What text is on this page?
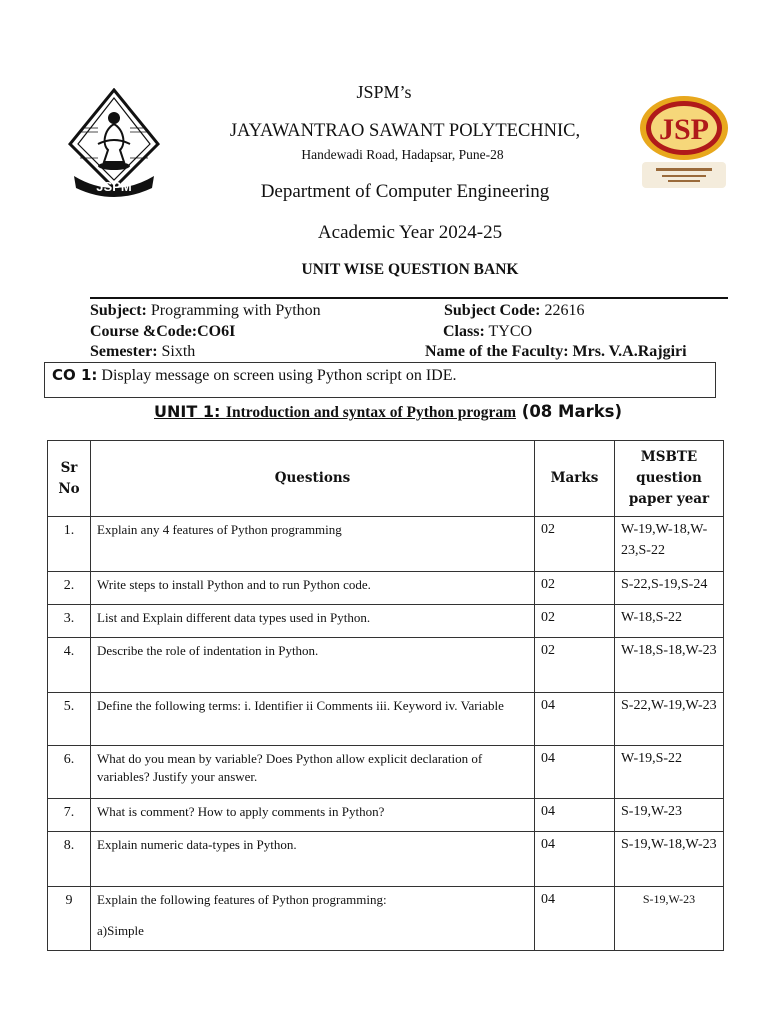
JSPM
JSP
JSPM’s
JAYAWANTRAO SAWANT POLYTECHNIC,
Handewadi Road, Hadapsar, Pune-28
Department of Computer Engineering
Academic Year 2024-25
UNIT WISE QUESTION BANK
Subject: Programming with Python	Subject Code: 22616
Course &Code:CO6I	Class: TYCO
Semester: Sixth	Name of the Faculty: Mrs. V.A.Rajgiri
CO 1: Display message on screen using Python script on IDE.
UNIT 1: Introduction and syntax of Python program (08 Marks)
Sr
No	Questions	Marks	MSBTE
question
paper year
1.	Explain any 4 features of Python programming	02	W-19,W-18,W-23,S-22
2.	Write steps to install Python and to run Python code.	02	S-22,S-19,S-24
3.	List and Explain different data types used in Python.	02	W-18,S-22
4.	Describe the role of indentation in Python.	02	W-18,S-18,W-23
5.	Define the following terms: i. Identifier ii Comments iii. Keyword iv. Variable	04	S-22,W-19,W-23
6.	What do you mean by variable? Does Python allow explicit declaration of variables? Justify your answer.	04	W-19,S-22
7.	What is comment? How to apply comments in Python?	04	S-19,W-23
8.	Explain numeric data-types in Python.	04	S-19,W-18,W-23
9	Explain the following features of Python programming:
a)Simple	04	S-19,W-23
